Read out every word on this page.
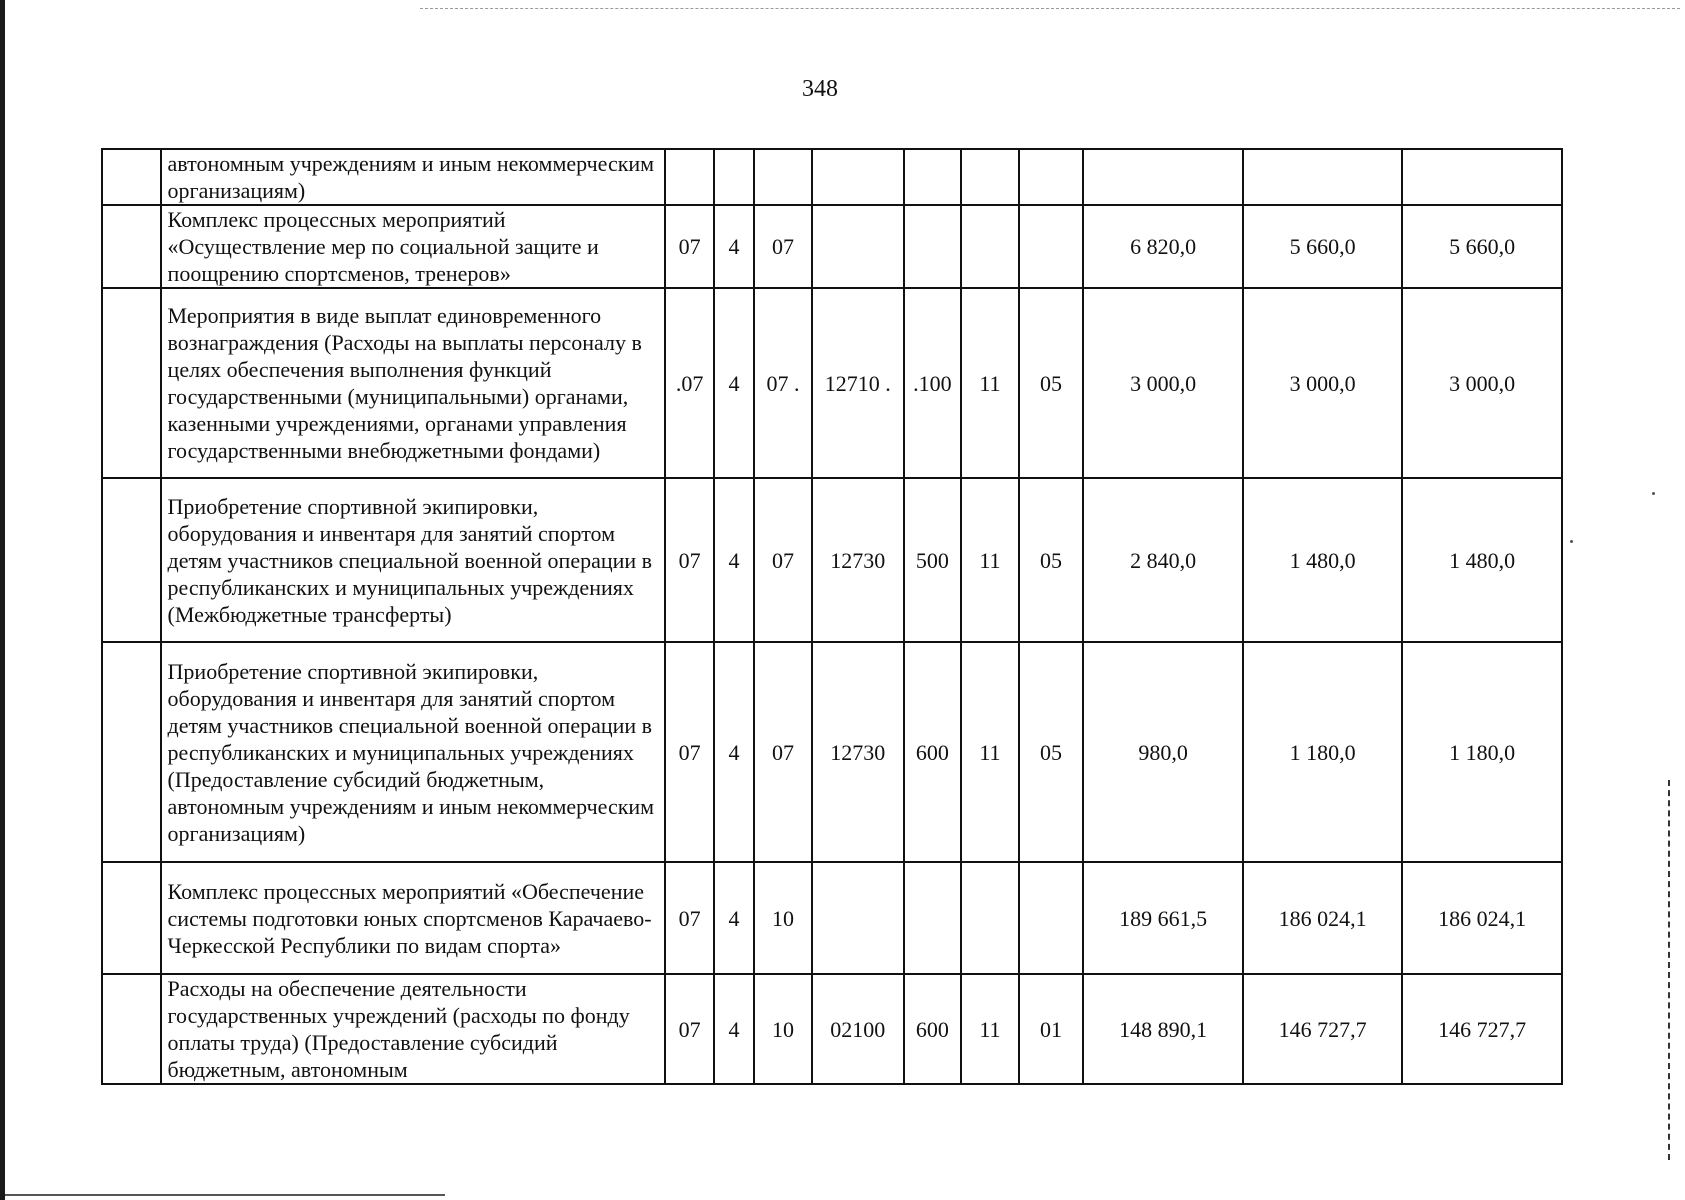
348
	автономным учреждениям и иным некоммерческим организациям)										
	Комплекс процессных мероприятий «Осуществление мер по социальной защите и поощрению спортсменов, тренеров»	07	4	07					6 820,0	5 660,0	5 660,0
	Мероприятия в виде выплат единовременного вознаграждения (Расходы на выплаты персоналу в целях обеспечения выполнения функций государственными (муниципальными) органами, казенными учреждениями, органами управления государственными внебюджетными фондами)	.07	4	07 .	12710 .	.100	11	05	3 000,0	3 000,0	3 000,0
	Приобретение спортивной экипировки, оборудования и инвентаря для занятий спортом детям участников специальной военной операции в республиканских и муниципальных учреждениях (Межбюджетные трансферты)	07	4	07	12730	500	11	05	2 840,0	1 480,0	1 480,0
	Приобретение спортивной экипировки, оборудования и инвентаря для занятий спортом детям участников специальной военной операции в республиканских и муниципальных учреждениях (Предоставление субсидий бюджетным, автономным учреждениям и иным некоммерческим организациям)	07	4	07	12730	600	11	05	980,0	1 180,0	1 180,0
	Комплекс процессных мероприятий «Обеспечение системы подготовки юных спортсменов Карачаево-Черкесской Республики по видам спорта»	07	4	10					189 661,5	186 024,1	186 024,1
	Расходы на обеспечение деятельности государственных учреждений (расходы по фонду оплаты труда) (Предоставление субсидий бюджетным, автономным	07	4	10	02100	600	11	01	148 890,1	146 727,7	146 727,7
